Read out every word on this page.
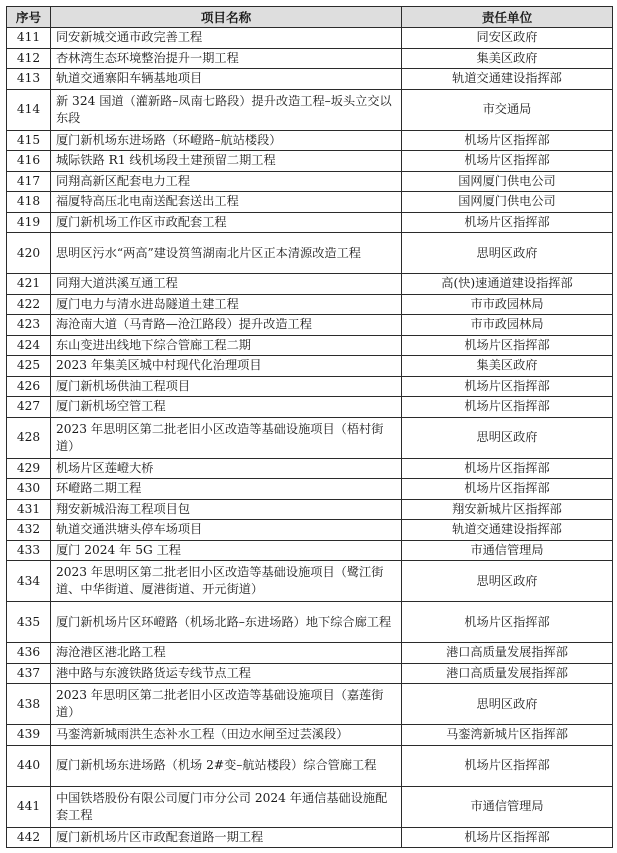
序号	项目名称	责任单位
411	同安新城交通市政完善工程	同安区政府
412	杏林湾生态环境整治提升一期工程	集美区政府
413	轨道交通寨阳车辆基地项目	轨道交通建设指挥部
414	新 324 国道（灌新路–凤南七路段）提升改造工程–坂头立交以东段	市交通局
415	厦门新机场东进场路（环嶝路–航站楼段）	机场片区指挥部
416	城际铁路 R1 线机场段土建预留二期工程	机场片区指挥部
417	同翔高新区配套电力工程	国网厦门供电公司
418	福厦特高压北电南送配套送出工程	国网厦门供电公司
419	厦门新机场工作区市政配套工程	机场片区指挥部
420	思明区污水“两高”建设筼筜湖南北片区正本清源改造工程	思明区政府
421	同翔大道洪溪互通工程	高(快)速通道建设指挥部
422	厦门电力与清水进岛隧道土建工程	市市政园林局
423	海沧南大道（马青路—沧江路段）提升改造工程	市市政园林局
424	东山变进出线地下综合管廊工程二期	机场片区指挥部
425	2023 年集美区城中村现代化治理项目	集美区政府
426	厦门新机场供油工程项目	机场片区指挥部
427	厦门新机场空管工程	机场片区指挥部
428	2023 年思明区第二批老旧小区改造等基础设施项目（梧村街道）	思明区政府
429	机场片区莲嶝大桥	机场片区指挥部
430	环嶝路二期工程	机场片区指挥部
431	翔安新城沿海工程项目包	翔安新城片区指挥部
432	轨道交通洪塘头停车场项目	轨道交通建设指挥部
433	厦门 2024 年 5G 工程	市通信管理局
434	2023 年思明区第二批老旧小区改造等基础设施项目（鹭江街道、中华街道、厦港街道、开元街道）	思明区政府
435	厦门新机场片区环嶝路（机场北路–东进场路）地下综合廊工程	机场片区指挥部
436	海沧港区港北路工程	港口高质量发展指挥部
437	港中路与东渡铁路货运专线节点工程	港口高质量发展指挥部
438	2023 年思明区第二批老旧小区改造等基础设施项目（嘉莲街道）	思明区政府
439	马銮湾新城雨洪生态补水工程（田边水闸至过芸溪段）	马銮湾新城片区指挥部
440	厦门新机场东进场路（机场 2#变–航站楼段）综合管廊工程	机场片区指挥部
441	中国铁塔股份有限公司厦门市分公司 2024 年通信基础设施配套工程	市通信管理局
442	厦门新机场片区市政配套道路一期工程	机场片区指挥部
